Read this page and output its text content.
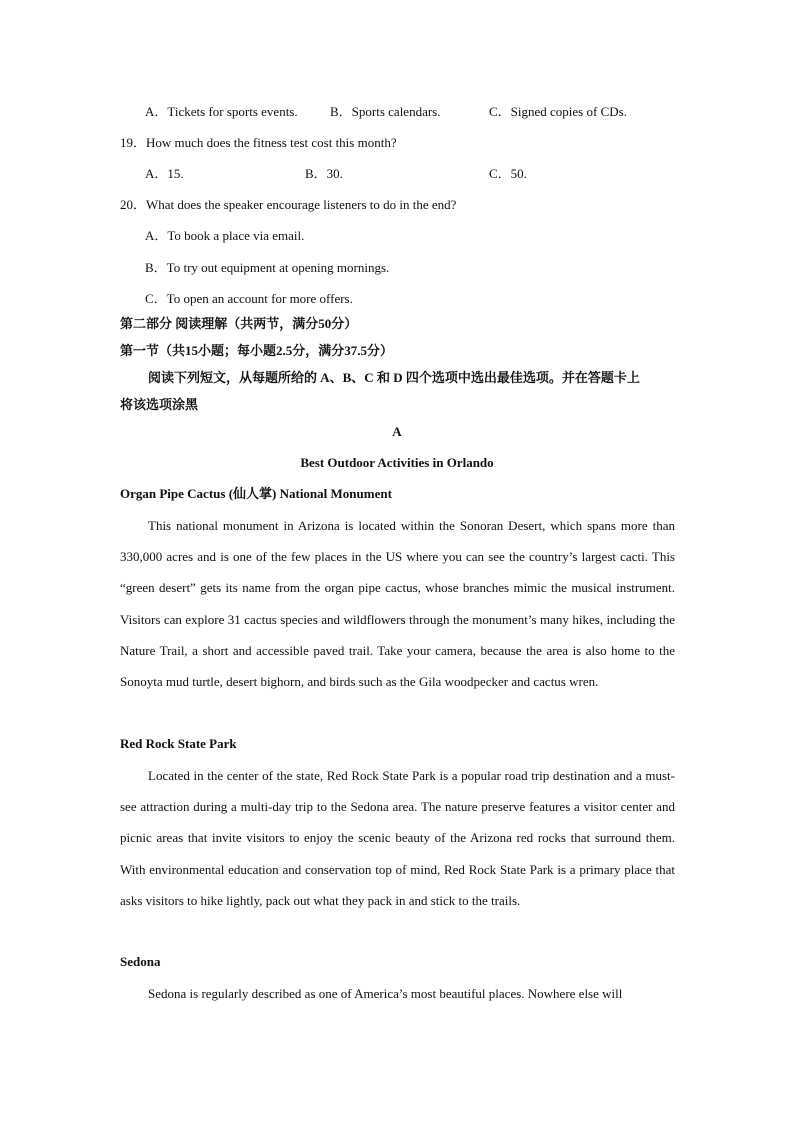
A．Tickets for sports events. B．Sports calendars.	C．Signed copies of CDs.
19．How much does the fitness test cost this month?
A．15.	B．30.	C．50.
20．What does the speaker encourage listeners to do in the end?
A．To book a place via email.
B．To try out equipment at opening mornings.
C．To open an account for more offers.
第二部分 阅读理解（共两节，满分50分）
第一节（共15小题；每小题2.5分，满分37.5分）
阅读下列短文，从每题所给的 A、B、C 和 D 四个选项中选出最佳选项。并在答题卡上
将该选项涂黑
A
Best Outdoor Activities in Orlando
Organ Pipe Cactus (仙人掌) National Monument
This national monument in Arizona is located within the Sonoran Desert, which spans more than 330,000 acres and is one of the few places in the US where you can see the country’s largest cacti. This “green desert” gets its name from the organ pipe cactus, whose branches mimic the musical instrument. Visitors can explore 31 cactus species and wildflowers through the monument’s many hikes, including the Nature Trail, a short and accessible paved trail. Take your camera, because the area is also home to the Sonoyta mud turtle, desert bighorn, and birds such as the Gila woodpecker and cactus wren.
Red Rock State Park
Located in the center of the state, Red Rock State Park is a popular road trip destination and a must-see attraction during a multi-day trip to the Sedona area. The nature preserve features a visitor center and picnic areas that invite visitors to enjoy the scenic beauty of the Arizona red rocks that surround them. With environmental education and conservation top of mind, Red Rock State Park is a primary place that asks visitors to hike lightly, pack out what they pack in and stick to the trails.
Sedona
Sedona is regularly described as one of America’s most beautiful places. Nowhere else will
